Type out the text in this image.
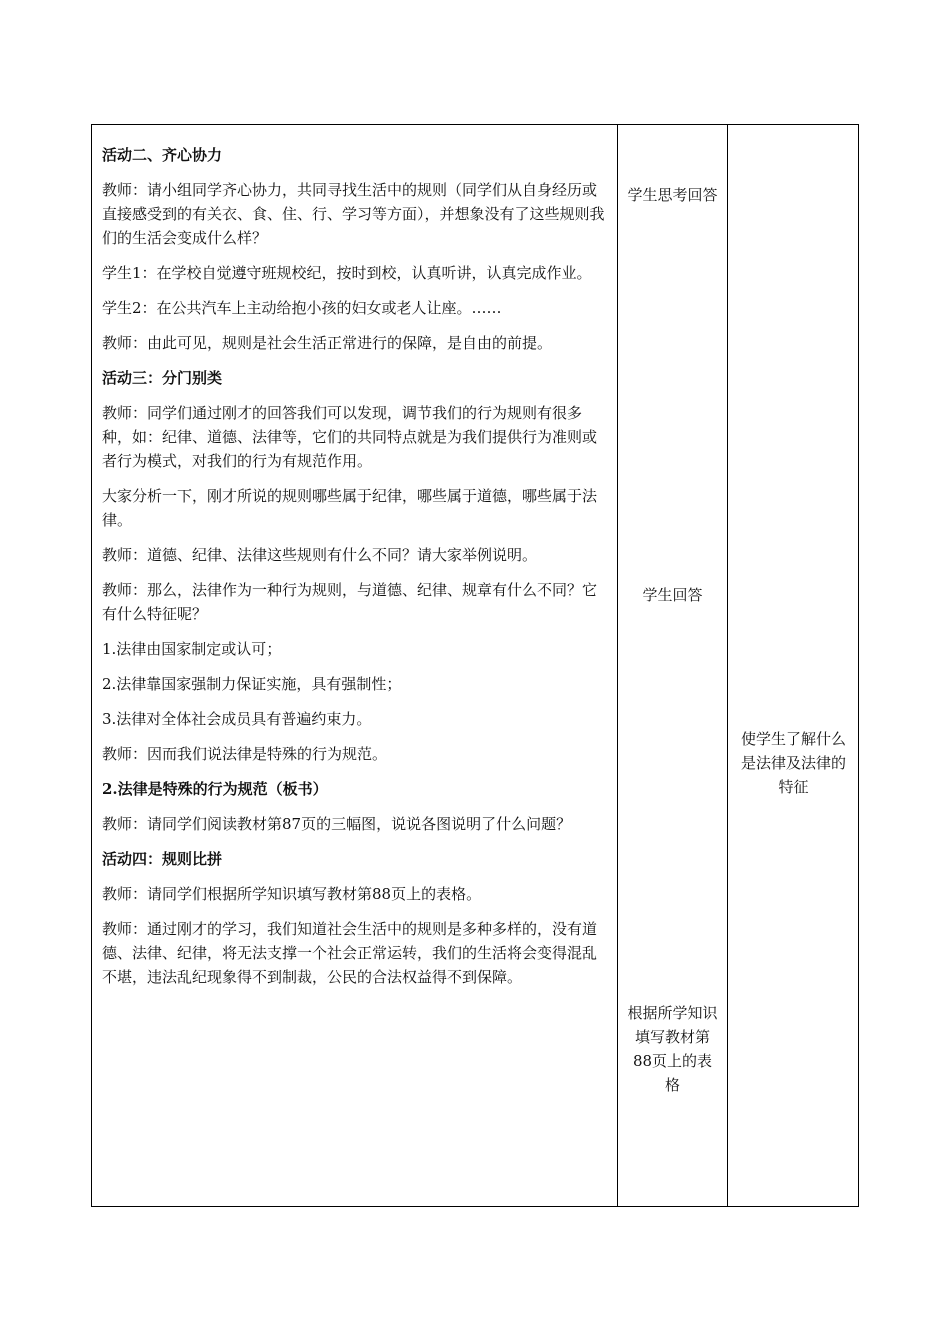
活动二、齐心协力

教师：请小组同学齐心协力，共同寻找生活中的规则（同学们从自身经历或直接感受到的有关衣、食、住、行、学习等方面），并想象没有了这些规则我们的生活会变成什么样？

学生1：在学校自觉遵守班规校纪，按时到校，认真听讲，认真完成作业。

学生2：在公共汽车上主动给抱小孩的妇女或老人让座。……

教师：由此可见，规则是社会生活正常进行的保障，是自由的前提。

活动三：分门别类

教师：同学们通过刚才的回答我们可以发现，调节我们的行为规则有很多种，如：纪律、道德、法律等，它们的共同特点就是为我们提供行为准则或者行为模式，对我们的行为有规范作用。

大家分析一下，刚才所说的规则哪些属于纪律，哪些属于道德，哪些属于法律。

教师：道德、纪律、法律这些规则有什么不同？请大家举例说明。

教师：那么，法律作为一种行为规则，与道德、纪律、规章有什么不同？它有什么特征呢？

1.法律由国家制定或认可；

2.法律靠国家强制力保证实施，具有强制性；

3.法律对全体社会成员具有普遍约束力。

教师：因而我们说法律是特殊的行为规范。

2.法律是特殊的行为规范（板书）

教师：请同学们阅读教材第87页的三幅图，说说各图说明了什么问题？

活动四：规则比拼

教师：请同学们根据所学知识填写教材第88页上的表格。

教师：通过刚才的学习，我们知道社会生活中的规则是多种多样的，没有道德、法律、纪律，将无法支撑一个社会正常运转，我们的生活将会变得混乱不堪，违法乱纪现象得不到制裁，公民的合法权益得不到保障。

学生思考回答

学生回答

根据所学知识填写教材第88页上的表格

使学生了解什么是法律及法律的特征
